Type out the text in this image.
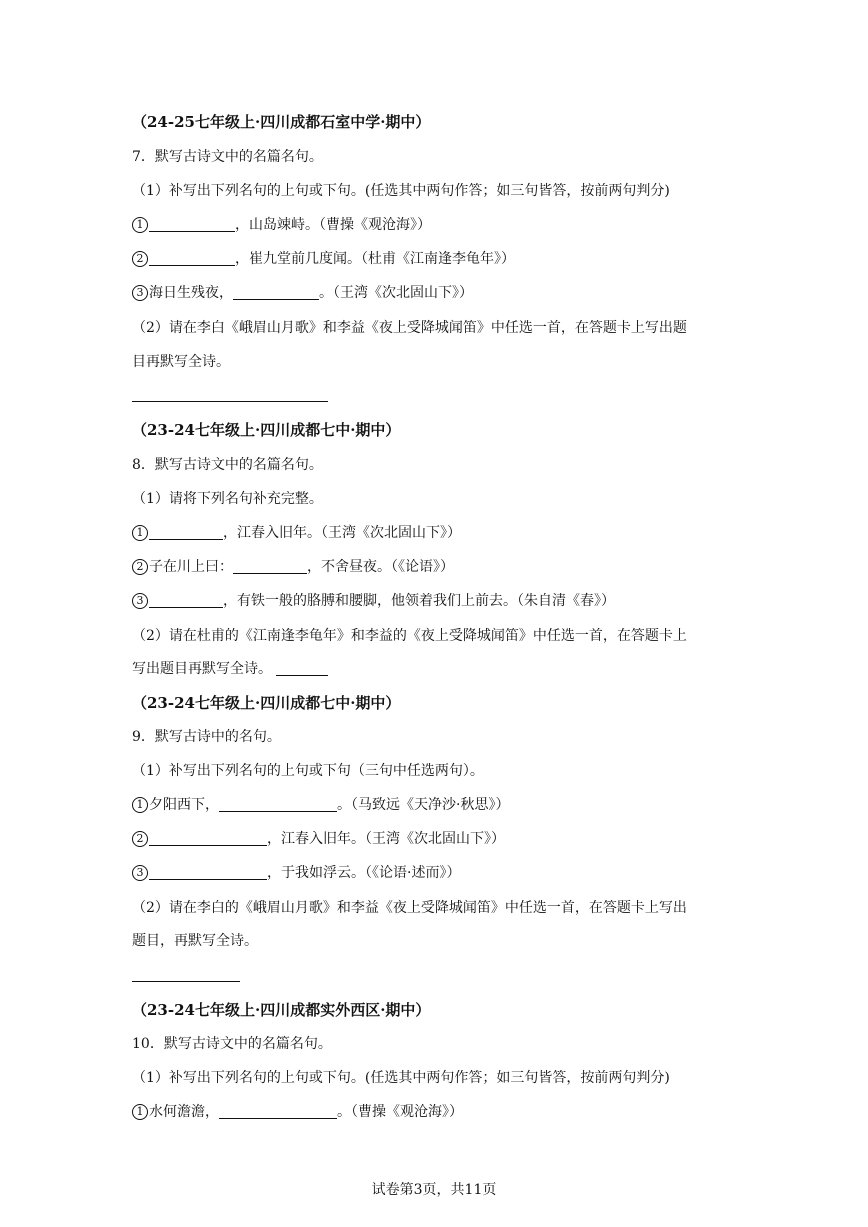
（24-25七年级上·四川成都石室中学·期中）
7．默写古诗文中的名篇名句。
（1）补写出下列名句的上句或下句。(任选其中两句作答；如三句皆答，按前两句判分)
1	，山岛竦峙。（曹操《观沧海》）
2	，崔九堂前几度闻。（杜甫《江南逢李龟年》）
3 海日生残夜，	。（王湾《次北固山下》）
（2）请在李白《峨眉山月歌》和李益《夜上受降城闻笛》中任选一首，在答题卡上写出题
目再默写全诗。
（23-24七年级上·四川成都七中·期中）
8．默写古诗文中的名篇名句。
（1）请将下列名句补充完整。
1	，江春入旧年。（王湾《次北固山下》）
2 子在川上曰：	，不舍昼夜。（《论语》）
3	，有铁一般的胳膊和腰脚，他领着我们上前去。（朱自清《春》）
（2）请在杜甫的《江南逢李龟年》和李益的《夜上受降城闻笛》中任选一首，在答题卡上
写出题目再默写全诗。
（23-24七年级上·四川成都七中·期中）
9．默写古诗中的名句。
（1）补写出下列名句的上句或下句（三句中任选两句）。
1 夕阳西下，	。（马致远《天净沙·秋思》）
2	，江春入旧年。（王湾《次北固山下》）
3	，于我如浮云。（《论语·述而》）
（2）请在李白的《峨眉山月歌》和李益《夜上受降城闻笛》中任选一首，在答题卡上写出
题目，再默写全诗。
（23-24七年级上·四川成都实外西区·期中）
10．默写古诗文中的名篇名句。
（1）补写出下列名句的上句或下句。(任选其中两句作答；如三句皆答，按前两句判分)
1 水何澹澹，	。（曹操《观沧海》）
试卷第3页，共11页
